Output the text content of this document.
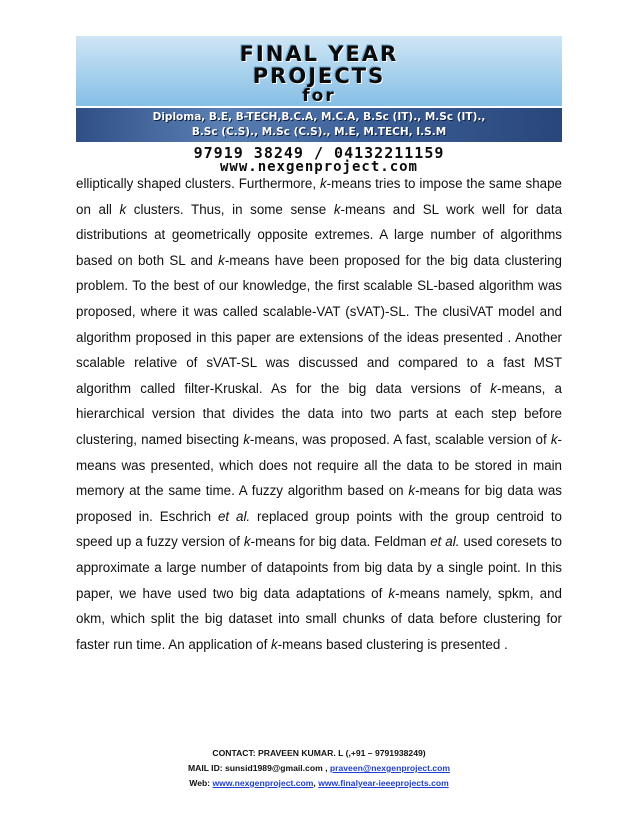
FINAL YEAR
PROJECTS
for
Diploma, B.E, B-TECH,B.C.A, M.C.A, B.Sc (IT)., M.Sc (IT).,
B.Sc (C.S)., M.Sc (C.S)., M.E, M.TECH, I.S.M
97919 38249 / 04132211159
www.nexgenproject.com

elliptically shaped clusters. Furthermore, k-means tries to impose the same shape on all k clusters. Thus, in some sense k-means and SL work well for data distributions at geometrically opposite extremes. A large number of algorithms based on both SL and k-means have been proposed for the big data clustering problem. To the best of our knowledge, the first scalable SL-based algorithm was proposed, where it was called scalable-VAT (sVAT)-SL. The clusiVAT model and algorithm proposed in this paper are extensions of the ideas presented . Another scalable relative of sVAT-SL was discussed and compared to a fast MST algorithm called filter-Kruskal. As for the big data versions of k-means, a hierarchical version that divides the data into two parts at each step before clustering, named bisecting k-means, was proposed. A fast, scalable version of k-means was presented, which does not require all the data to be stored in main memory at the same time. A fuzzy algorithm based on k-means for big data was proposed in. Eschrich et al. replaced group points with the group centroid to speed up a fuzzy version of k-means for big data. Feldman et al. used coresets to approximate a large number of datapoints from big data by a single point. In this paper, we have used two big data adaptations of k-means namely, spkm, and okm, which split the big dataset into small chunks of data before clustering for faster run time. An application of k-means based clustering is presented .

CONTACT: PRAVEEN KUMAR. L (,+91 – 9791938249)
MAIL ID: sunsid1989@gmail.com , praveen@nexgenproject.com
Web: www.nexgenproject.com, www.finalyear-ieeeprojects.com
